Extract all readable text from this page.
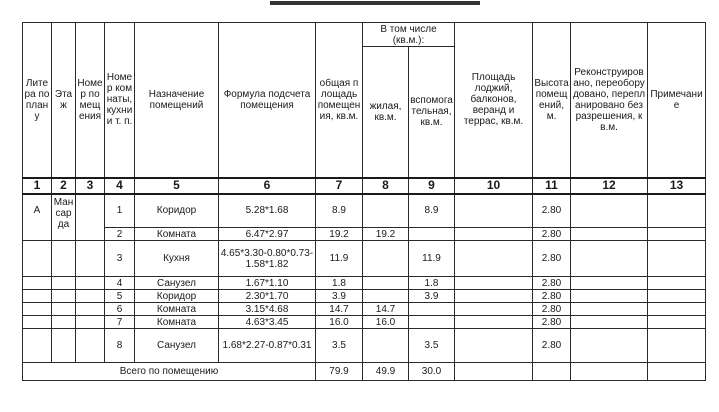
Литера по плану	Этаж	Номер помещения	Номер комнаты, кухни и т. п.	Назначение помещений	Формула подсчета помещения	общая площадь помещения, кв.м.	В том числе (кв.м.):		Площадь лоджий, балконов, веранд и террас, кв.м.	Высота помещений, м.	Реконструировано, переоборудовано, перепланировано без разрешения, кв.м.	Примечание
							жилая, кв.м.	вспомогательная, кв.м.				
1	2	3	4	5	6	7	8	9	10	11	12	13
А	Мансарда		1	Коридор	5.28*1.68	8.9		8.9		2.80		
			2	Комната	6.47*2.97	19.2	19.2			2.80		
			3	Кухня	4.65*3.30-0.80*0.73-1.58*1.82	11.9		11.9		2.80		
			4	Санузел	1.67*1.10	1.8		1.8		2.80		
			5	Коридор	2.30*1.70	3.9		3.9		2.80		
			6	Комната	3.15*4.68	14.7	14.7			2.80		
			7	Комната	4.63*3.45	16.0	16.0			2.80		
			8	Санузел	1.68*2.27-0.87*0.31	3.5		3.5		2.80		
Всего по помещению						79.9	49.9	30.0				
